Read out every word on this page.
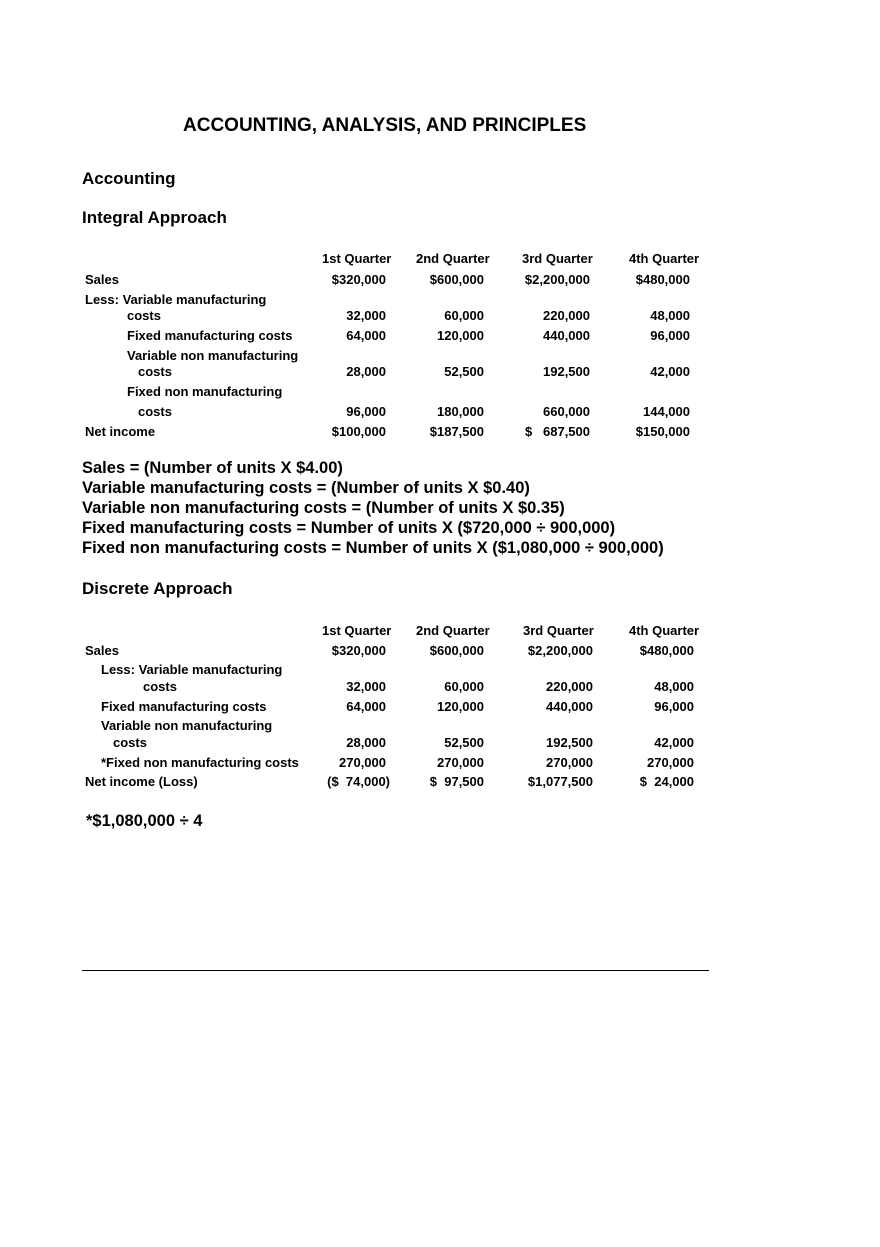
ACCOUNTING, ANALYSIS, AND PRINCIPLES
Accounting
Integral Approach
1st Quarter 2nd Quarter 3rd Quarter	4th Quarter
Sales	$320,000	$600,000	$2,200,000	$480,000
Less: Variable manufacturing
costs	32,000	60,000	220,000	48,000
Fixed manufacturing costs	64,000	120,000	440,000	96,000
Variable non manufacturing
costs	28,000	52,500	192,500	42,000
Fixed non manufacturing
costs	96,000	180,000	660,000	144,000
Net income	$100,000	$187,500	$   687,500	$150,000
Sales = (Number of units X $4.00)
Variable manufacturing costs = (Number of units X $0.40)
Variable non manufacturing costs = (Number of units X $0.35)
Fixed manufacturing costs = Number of units X ($720,000 ÷ 900,000)
Fixed non manufacturing costs = Number of units X ($1,080,000 ÷ 900,000)
Discrete Approach
1st Quarter 2nd Quarter	3rd Quarter	4th Quarter
Sales	$320,000	$600,000	$2,200,000	$480,000
Less: Variable manufacturing
costs	32,000	60,000	220,000	48,000
Fixed manufacturing costs	64,000	120,000	440,000	96,000
Variable non manufacturing
costs	28,000	52,500	192,500	42,000
*Fixed non manufacturing costs	270,000	270,000	270,000	270,000
Net income (Loss)	($  74,000)	$  97,500	$1,077,500	$  24,000
*$1,080,000 ÷ 4
